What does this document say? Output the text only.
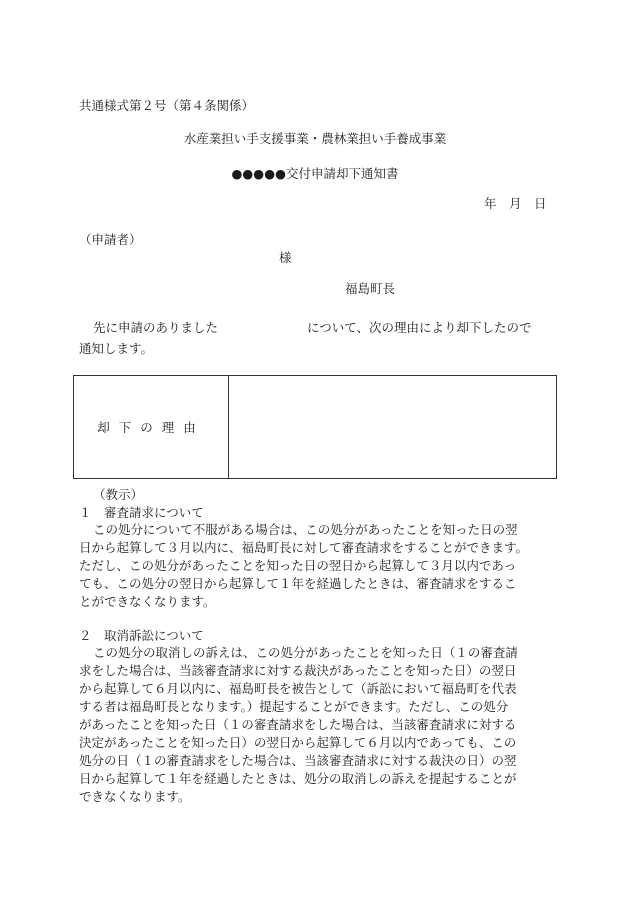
共通様式第２号（第４条関係）
水産業担い手支援事業・農林業担い手養成事業
●●●●●交付申請却下通知書
年　月　日
（申請者）
様
福島町長
先に申請のありました	について、次の理由により却下したので
通知します。
却下の理由
（教示）
１　審査請求について
この処分について不服がある場合は、この処分があったことを知った日の翌
日から起算して３月以内に、福島町長に対して審査請求をすることができます。
ただし、この処分があったことを知った日の翌日から起算して３月以内であっ
ても、この処分の翌日から起算して１年を経過したときは、審査請求をするこ
とができなくなります。
２　取消訴訟について
この処分の取消しの訴えは、この処分があったことを知った日（１の審査請
求をした場合は、当該審査請求に対する裁決があったことを知った日）の翌日
から起算して６月以内に、福島町長を被告として（訴訟において福島町を代表
する者は福島町長となります。）提起することができます。ただし、この処分
があったことを知った日（１の審査請求をした場合は、当該審査請求に対する
決定があったことを知った日）の翌日から起算して６月以内であっても、この
処分の日（１の審査請求をした場合は、当該審査請求に対する裁決の日）の翌
日から起算して１年を経過したときは、処分の取消しの訴えを提起することが
できなくなります。
